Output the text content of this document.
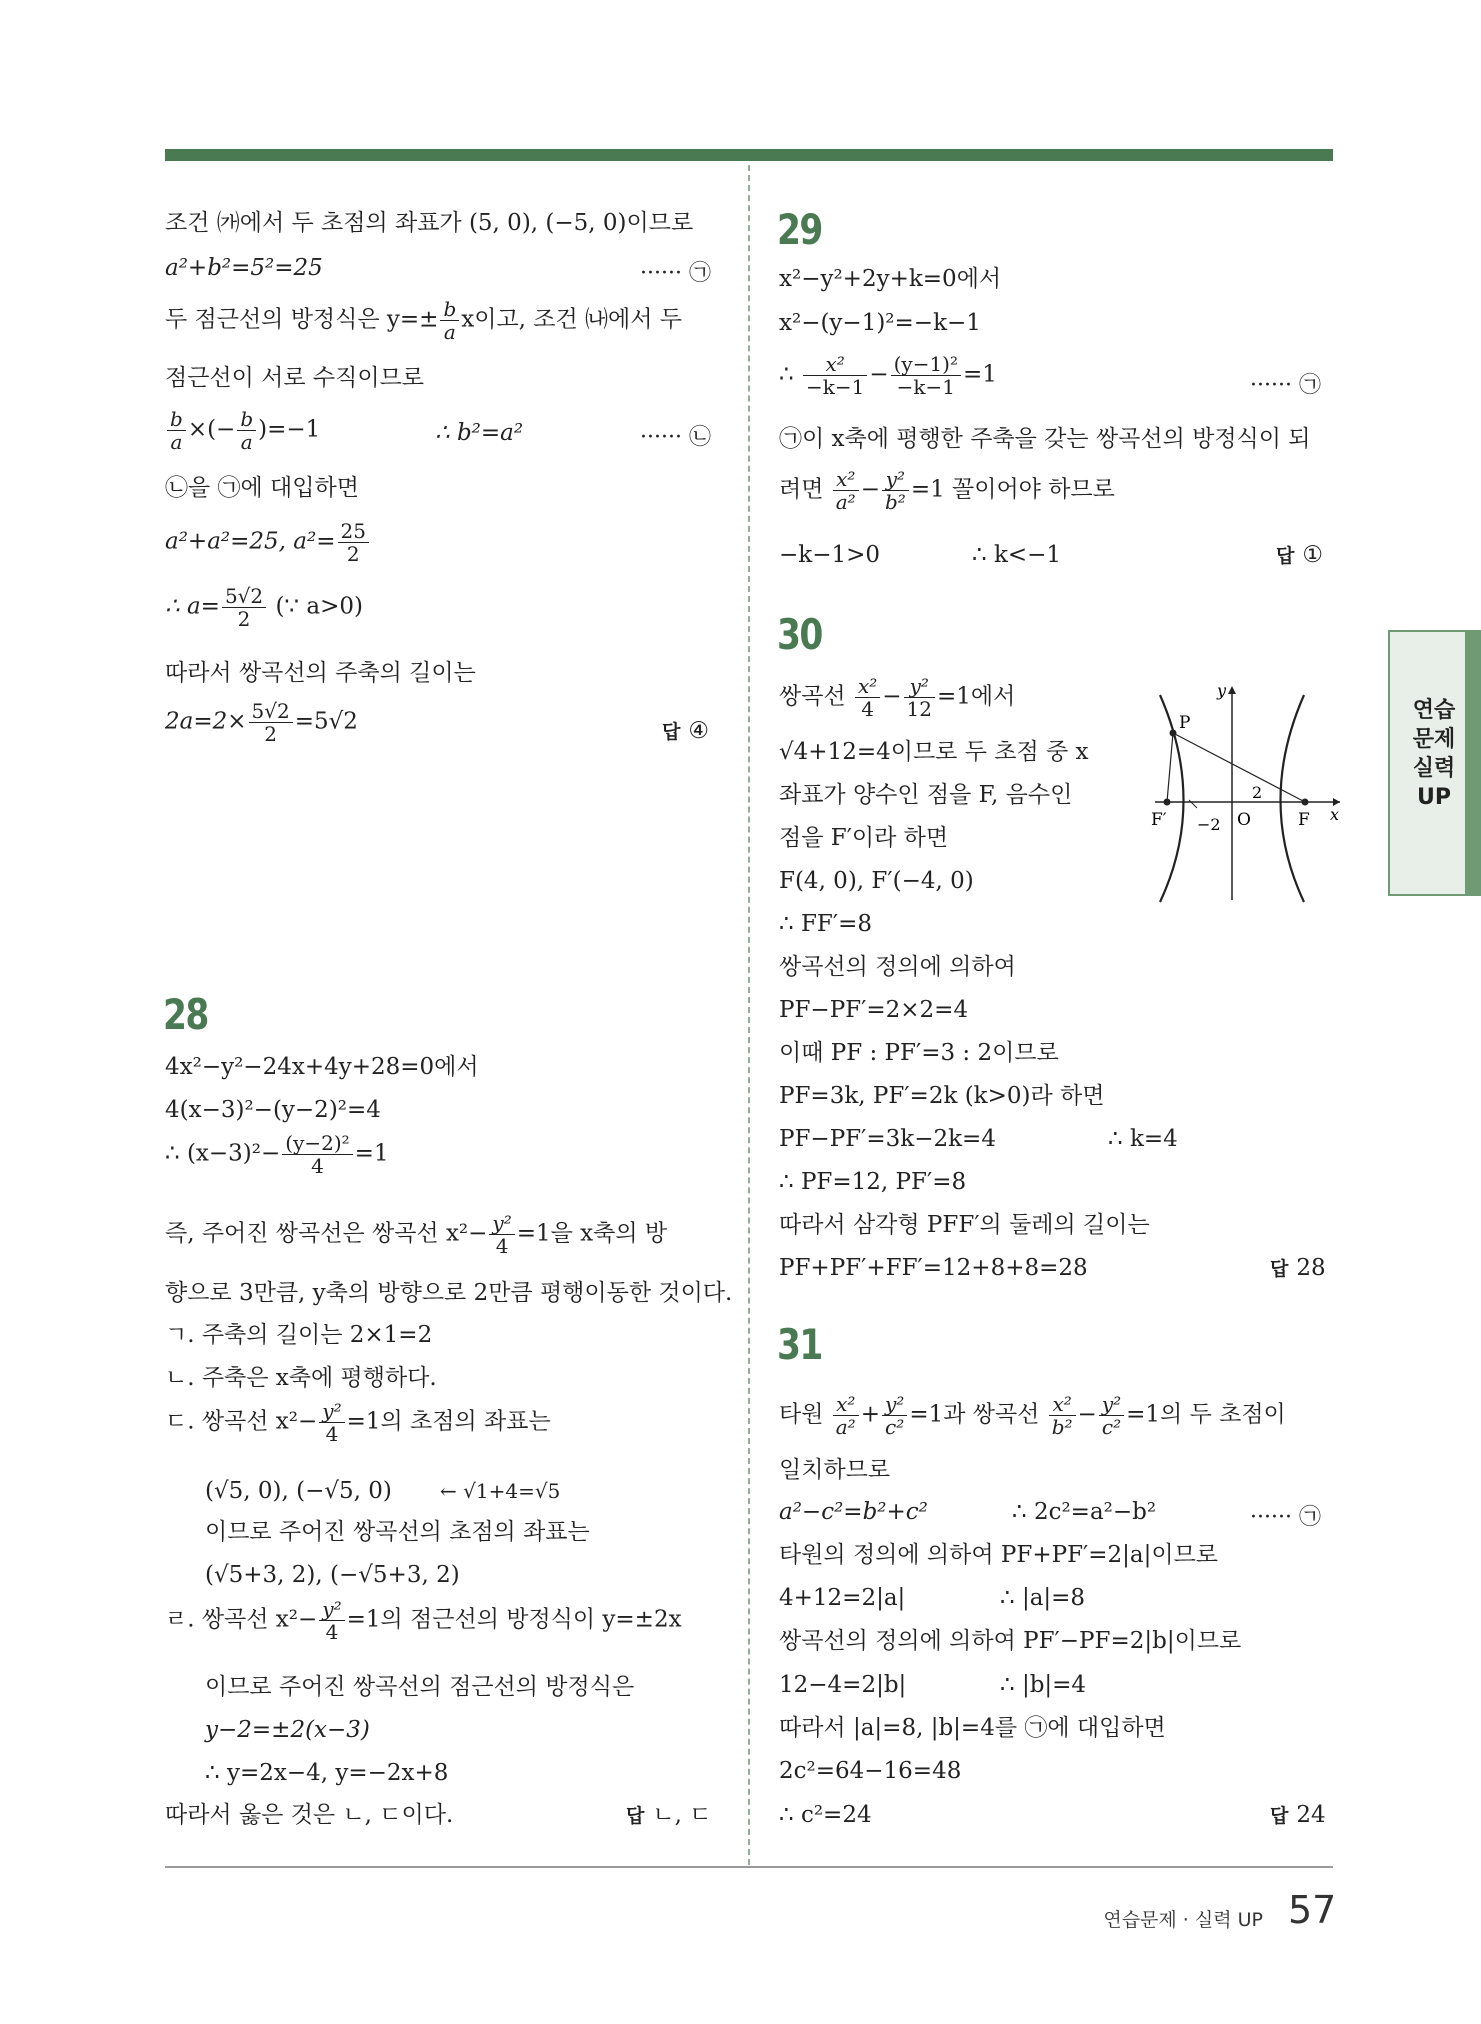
조건 ㈎에서 두 초점의 좌표가 (5, 0), (−5, 0)이므로
a²+b²=5²=25	······ ㉠
두 점근선의 방정식은 $y=\pm \frac{b}{a}$ x이고, 조건 ㈏에서 두
점근선이 서로 수직이므로
$\frac{b}{a}$ ×(− $\frac{b}{a} )=-1$	∴ b²=a²	······ ㉡
㉡을 ㉠에 대입하면
a²+a²=25, $a^2= \frac{25}{2}$
∴ $a= \frac{5√2}{2}$ (∵ a>0)
따라서 쌍곡선의 주축의 길이는
$2a=2\times \frac{5√2}{2} =5√2$	답 ④
28
4x²−y²−24x+4y+28=0에서
4(x−3)²−(y−2)²=4
∴ $(x-3)^2- \frac{\text{(y−2)²}}{4} =1$
즉, 주어진 쌍곡선은 쌍곡선 $x^2- \frac{\text{y²}}{4} =1$을 x축의 방
향으로 3만큼, y축의 방향으로 2만큼 평행이동한 것이다.
ㄱ. 주축의 길이는 2×1=2
ㄴ. 주축은 x축에 평행하다.
ㄷ. 쌍곡선 $x^2- \frac{\text{y²}}{4} =1$의 초점의 좌표는
(√5, 0), (−√5, 0) ← √1+4=√5
이므로 주어진 쌍곡선의 초점의 좌표는
(√5+3, 2), (−√5+3, 2)
ㄹ. 쌍곡선 $x^2- \frac{\text{y²}}{4} =1$의 점근선의 방정식이 y=±2x
이므로 주어진 쌍곡선의 점근선의 방정식은
y−2=±2(x−3)
∴ y=2x−4, y=−2x+8
따라서 옳은 것은 ㄴ, ㄷ이다.	답 ㄴ, ㄷ
29
x²−y²+2y+k=0에서
x²−(y−1)²=−k−1
∴ $\frac{\text{x²}}{-k-1} - \frac{\text{(y−1)²}}{-k-1} =1$	······ ㉠
㉠이 x축에 평행한 주축을 갖는 쌍곡선의 방정식이 되
려면 $\frac{\text{x²}}{\text{a²}} - \frac{\text{y²}}{\text{b²}} =1$ 꼴이어야 하므로
−k−1>0	∴ k<−1	답 ①
30
쌍곡선 $\frac{\text{x²}}{4} - \frac{\text{y²}}{12} =1$에서
√4+12=4이므로 두 초점 중 x
좌표가 양수인 점을 F, 음수인
점을 F′이라 하면
F(4, 0), F′(−4, 0)
∴ FF′=8
쌍곡선의 정의에 의하여
PF−PF′=2×2=4
이때 PF : PF′=3 : 2이므로
PF=3k, PF′=2k (k>0)라 하면
PF−PF′=3k−2k=4	∴ k=4
∴ PF=12, PF′=8
따라서 삼각형 PFF′의 둘레의 길이는
PF+PF′+FF′=12+8+8=28	답 28
y
x
P
F
F′	O
2
−2
31
타원 $\frac{\text{x²}}{\text{a²}} + \frac{\text{y²}}{\text{c²}} =1$과 쌍곡선 $\frac{\text{x²}}{\text{b²}} - \frac{\text{y²}}{\text{c²}} =1$의 두 초점이
일치하므로
a²−c²=b²+c²	∴ 2c²=a²−b²	······ ㉠
타원의 정의에 의하여 PF+PF′=2|a|이므로
4+12=2|a|	∴ |a|=8
쌍곡선의 정의에 의하여 PF′−PF=2|b|이므로
12−4=2|b|	∴ |b|=4
따라서 |a|=8, |b|=4를 ㉠에 대입하면
2c²=64−16=48
∴ c²=24	답 24
연습문제 · 실력 UP 57
연습문제 실력UP
